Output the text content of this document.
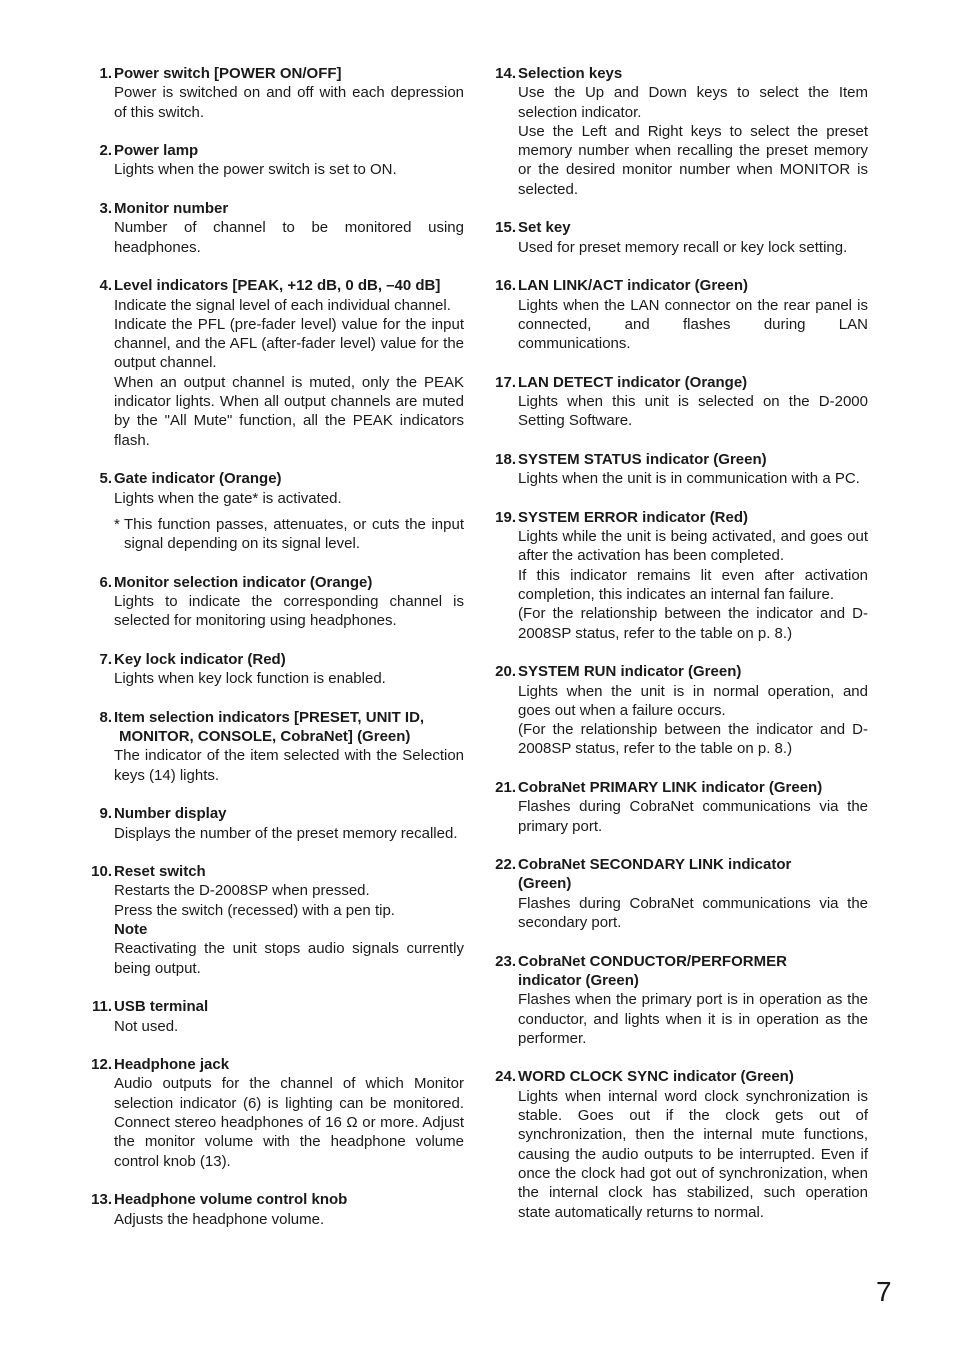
1. Power switch [POWER ON/OFF]
Power is switched on and off with each depression of this switch.
2. Power lamp
Lights when the power switch is set to ON.
3. Monitor number
Number of channel to be monitored using headphones.
4. Level indicators [PEAK, +12 dB, 0 dB, –40 dB]
Indicate the signal level of each individual channel.
Indicate the PFL (pre-fader level) value for the input channel, and the AFL (after-fader level) value for the output channel.
When an output channel is muted, only the PEAK indicator lights. When all output channels are muted by the "All Mute" function, all the PEAK indicators flash.
5. Gate indicator (Orange)
Lights when the gate* is activated.
* This function passes, attenuates, or cuts the input signal depending on its signal level.
6. Monitor selection indicator (Orange)
Lights to indicate the corresponding channel is selected for monitoring using headphones.
7. Key lock indicator (Red)
Lights when key lock function is enabled.
8. Item selection indicators [PRESET, UNIT ID,
MONITOR, CONSOLE, CobraNet] (Green)
The indicator of the item selected with the Selection keys (14) lights.
9. Number display
Displays the number of the preset memory recalled.
10. Reset switch
Restarts the D-2008SP when pressed.
Press the switch (recessed) with a pen tip.
Note
Reactivating the unit stops audio signals currently being output.
11. USB terminal
Not used.
12. Headphone jack
Audio outputs for the channel of which Monitor selection indicator (6) is lighting can be monitored. Connect stereo headphones of 16 Ω or more. Adjust the monitor volume with the headphone volume control knob (13).
13. Headphone volume control knob
Adjusts the headphone volume.
14. Selection keys
Use the Up and Down keys to select the Item selection indicator.
Use the Left and Right keys to select the preset memory number when recalling the preset memory or the desired monitor number when MONITOR is selected.
15. Set key
Used for preset memory recall or key lock setting.
16. LAN LINK/ACT indicator (Green)
Lights when the LAN connector on the rear panel is connected, and flashes during LAN communications.
17. LAN DETECT indicator (Orange)
Lights when this unit is selected on the D-2000 Setting Software.
18. SYSTEM STATUS indicator (Green)
Lights when the unit is in communication with a PC.
19. SYSTEM ERROR indicator (Red)
Lights while the unit is being activated, and goes out after the activation has been completed.
If this indicator remains lit even after activation completion, this indicates an internal fan failure.
(For the relationship between the indicator and D-2008SP status, refer to the table on p. 8.)
20. SYSTEM RUN indicator (Green)
Lights when the unit is in normal operation, and goes out when a failure occurs.
(For the relationship between the indicator and D-2008SP status, refer to the table on p. 8.)
21. CobraNet PRIMARY LINK indicator (Green)
Flashes during CobraNet communications via the primary port.
22. CobraNet SECONDARY LINK indicator
(Green)
Flashes during CobraNet communications via the secondary port.
23. CobraNet CONDUCTOR/PERFORMER
indicator (Green)
Flashes when the primary port is in operation as the conductor, and lights when it is in operation as the performer.
24. WORD CLOCK SYNC indicator (Green)
Lights when internal word clock synchronization is stable. Goes out if the clock gets out of synchronization, then the internal mute functions, causing the audio outputs to be interrupted. Even if once the clock had got out of synchronization, when the internal clock has stabilized, such operation state automatically returns to normal.
7
